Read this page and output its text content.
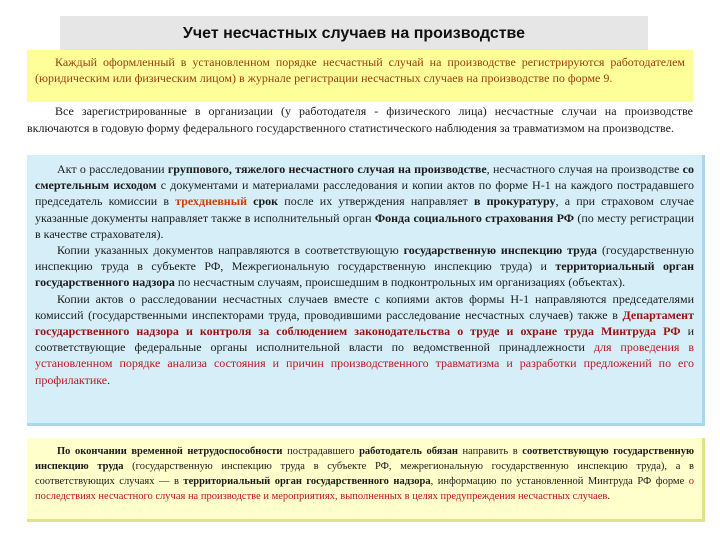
Учет несчастных случаев на производстве
Каждый оформленный в установленном порядке несчастный случай на производстве регистрируются работодателем (юридическим или физическим лицом) в журнале регистрации несчастных случаев на производстве по форме 9.

Все зарегистрированные в организации (у работодателя - физического лица) несчастные случаи на производстве включаются в годовую форму федерального государственного статистического наблюдения за травматизмом на производстве.

Акт о расследовании группового, тяжелого несчастного случая на производстве, несчастного случая на производстве со смертельным исходом с документами и материалами расследования и копии актов по форме Н-1 на каждого пострадавшего председатель комиссии в трехдневный срок после их утверждения направляет в прокуратуру, а при страховом случае указанные документы направляет также в исполнительный орган Фонда социального страхования РФ (по месту регистрации в качестве страхователя).

Копии указанных документов направляются в соответствующую государственную инспекцию труда (государственную инспекцию труда в субъекте РФ, Межрегиональную государственную инспекцию труда) и территориальный орган государственного надзора по несчастным случаям, происшедшим в подконтрольных им организациях (объектах).

Копии актов о расследовании несчастных случаев вместе с копиями актов формы Н-1 направляются председателями комиссий (государственными инспекторами труда, проводившими расследование несчастных случаев) также в Департамент государственного надзора и контроля за соблюдением законодательства о труде и охране труда Минтруда РФ и соответствующие федеральные органы исполнительной власти по ведомственной принадлежности для проведения в установленном порядке анализа состояния и причин производственного травматизма и разработки предложений по его профилактике.

По окончании временной нетрудоспособности пострадавшего работодатель обязан направить в соответствующую государственную инспекцию труда (государственную инспекцию труда в субъекте РФ, межрегиональную государственную инспекцию труда), а в соответствующих случаях — в территориальный орган государственного надзора, информацию по установленной Минтруда РФ форме о последствиях несчастного случая на производстве и мероприятиях, выполненных в целях предупреждения несчастных случаев.
